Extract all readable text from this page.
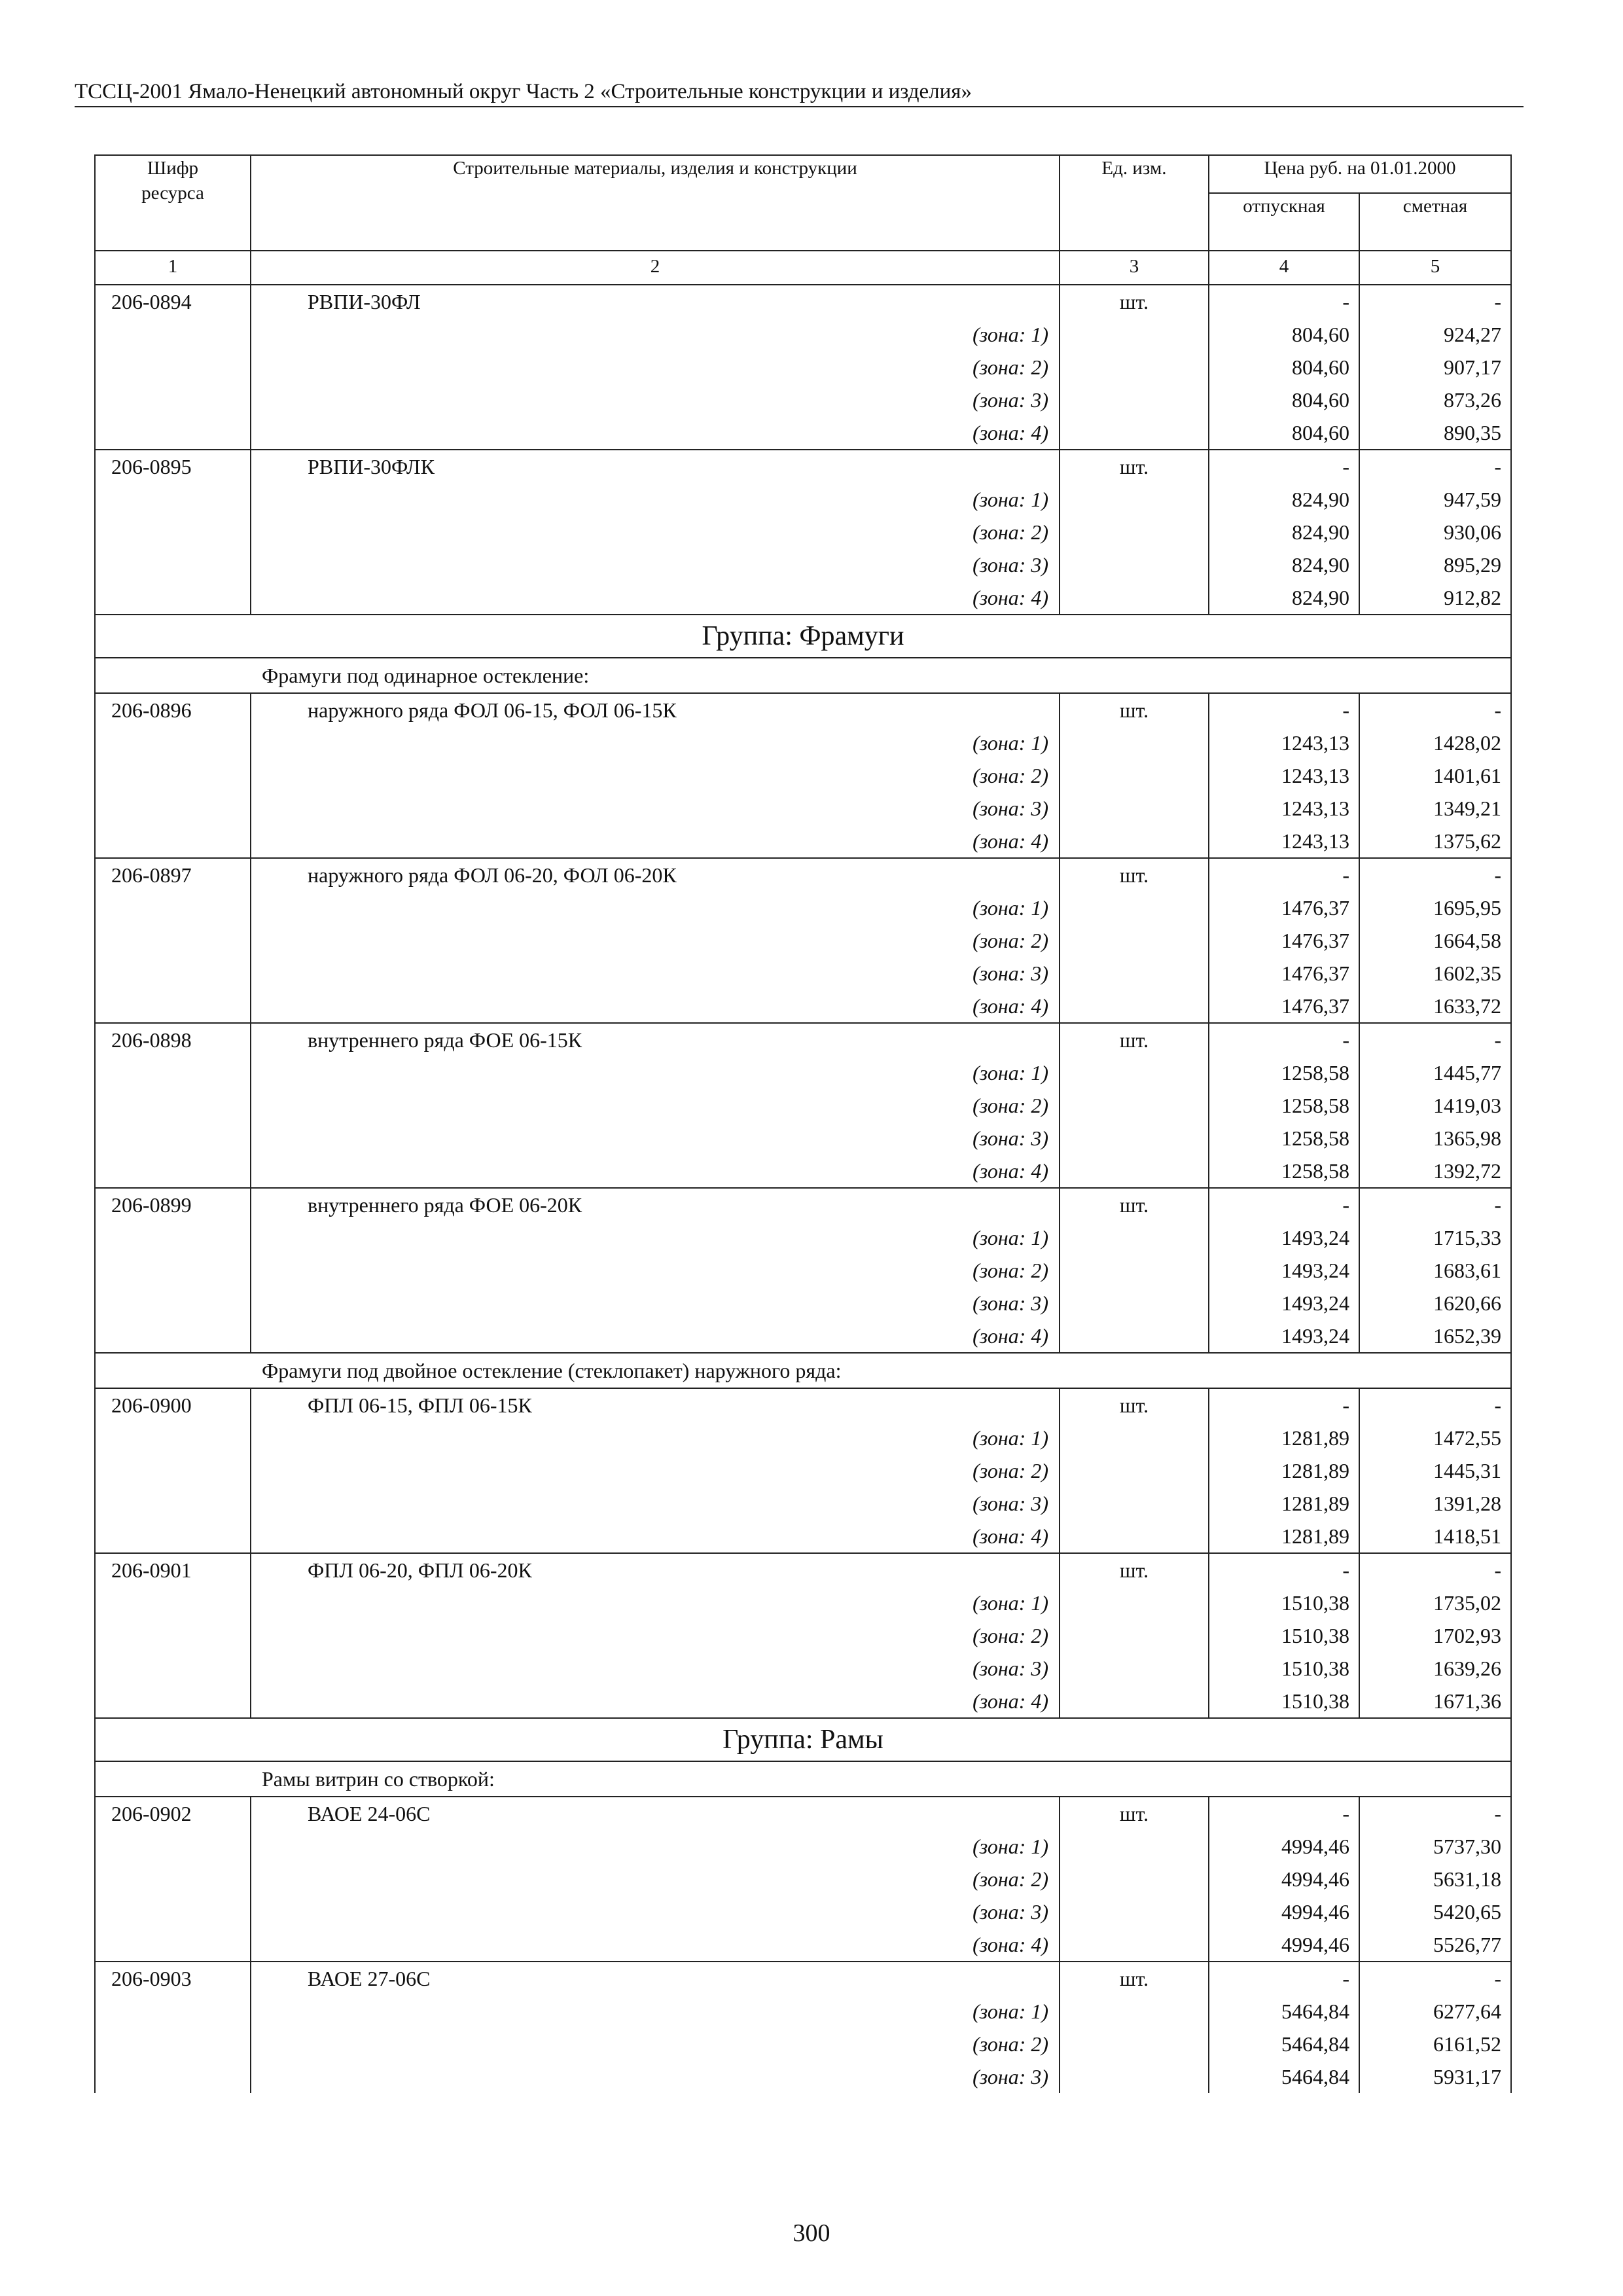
ТССЦ-2001 Ямало-Ненецкий автономный округ Часть 2 «Строительные конструкции и изделия»
Шифр ресурса	Строительные материалы, изделия и конструкции	Ед. изм.	Цена руб. на 01.01.2000	
			отпускная	сметная
1	2	3	4	5
206-0894	РВПИ-30ФЛ	шт.	-	-
	(зона: 1)		804,60	924,27
	(зона: 2)		804,60	907,17
	(зона: 3)		804,60	873,26
	(зона: 4)		804,60	890,35
206-0895	РВПИ-30ФЛК	шт.	-	-
	(зона: 1)		824,90	947,59
	(зона: 2)		824,90	930,06
	(зона: 3)		824,90	895,29
	(зона: 4)		824,90	912,82
Группа: Фрамуги				
Фрамуги под одинарное остекление:				
206-0896	наружного ряда ФОЛ 06-15, ФОЛ 06-15К	шт.	-	-
	(зона: 1)		1243,13	1428,02
	(зона: 2)		1243,13	1401,61
	(зона: 3)		1243,13	1349,21
	(зона: 4)		1243,13	1375,62
206-0897	наружного ряда ФОЛ 06-20, ФОЛ 06-20К	шт.	-	-
	(зона: 1)		1476,37	1695,95
	(зона: 2)		1476,37	1664,58
	(зона: 3)		1476,37	1602,35
	(зона: 4)		1476,37	1633,72
206-0898	внутреннего ряда ФОЕ 06-15К	шт.	-	-
	(зона: 1)		1258,58	1445,77
	(зона: 2)		1258,58	1419,03
	(зона: 3)		1258,58	1365,98
	(зона: 4)		1258,58	1392,72
206-0899	внутреннего ряда ФОЕ 06-20К	шт.	-	-
	(зона: 1)		1493,24	1715,33
	(зона: 2)		1493,24	1683,61
	(зона: 3)		1493,24	1620,66
	(зона: 4)		1493,24	1652,39
Фрамуги под двойное остекление (стеклопакет) наружного ряда:				
206-0900	ФПЛ 06-15, ФПЛ 06-15К	шт.	-	-
	(зона: 1)		1281,89	1472,55
	(зона: 2)		1281,89	1445,31
	(зона: 3)		1281,89	1391,28
	(зона: 4)		1281,89	1418,51
206-0901	ФПЛ 06-20, ФПЛ 06-20К	шт.	-	-
	(зона: 1)		1510,38	1735,02
	(зона: 2)		1510,38	1702,93
	(зона: 3)		1510,38	1639,26
	(зона: 4)		1510,38	1671,36
Группа: Рамы				
Рамы витрин со створкой:				
206-0902	ВАОЕ 24-06С	шт.	-	-
	(зона: 1)		4994,46	5737,30
	(зона: 2)		4994,46	5631,18
	(зона: 3)		4994,46	5420,65
	(зона: 4)		4994,46	5526,77
206-0903	ВАОЕ 27-06С	шт.	-	-
	(зона: 1)		5464,84	6277,64
	(зона: 2)		5464,84	6161,52
	(зона: 3)		5464,84	5931,17
300
